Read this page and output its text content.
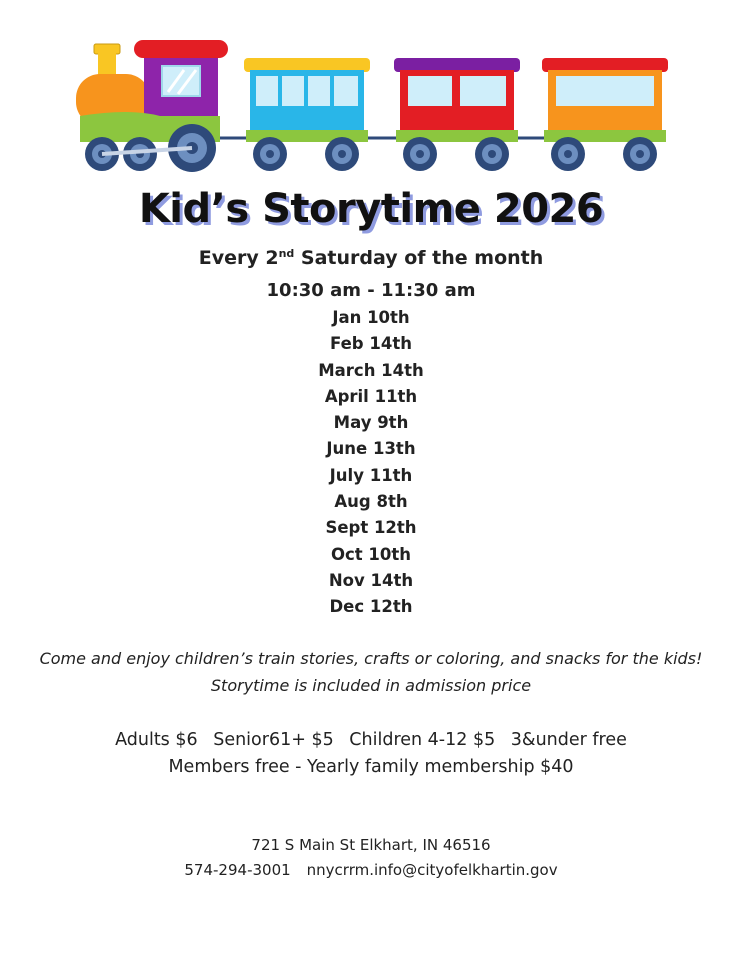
Kid’s Storytime 2026
Every 2nd Saturday of the month
10:30 am - 11:30 am
Jan 10th
Feb 14th
March 14th
April 11th
May 9th
June 13th
July 11th
Aug 8th
Sept 12th
Oct 10th
Nov 14th
Dec 12th
Come and enjoy children’s train stories, crafts or coloring, and snacks for the kids!
Storytime is included in admission price
Adults $6 Senior61+ $5 Children 4-12 $5 3&under free
Members free - Yearly family membership $40
721 S Main St Elkhart, IN 46516
574-294-3001 nnycrrm.info@cityofelkhartin.gov
